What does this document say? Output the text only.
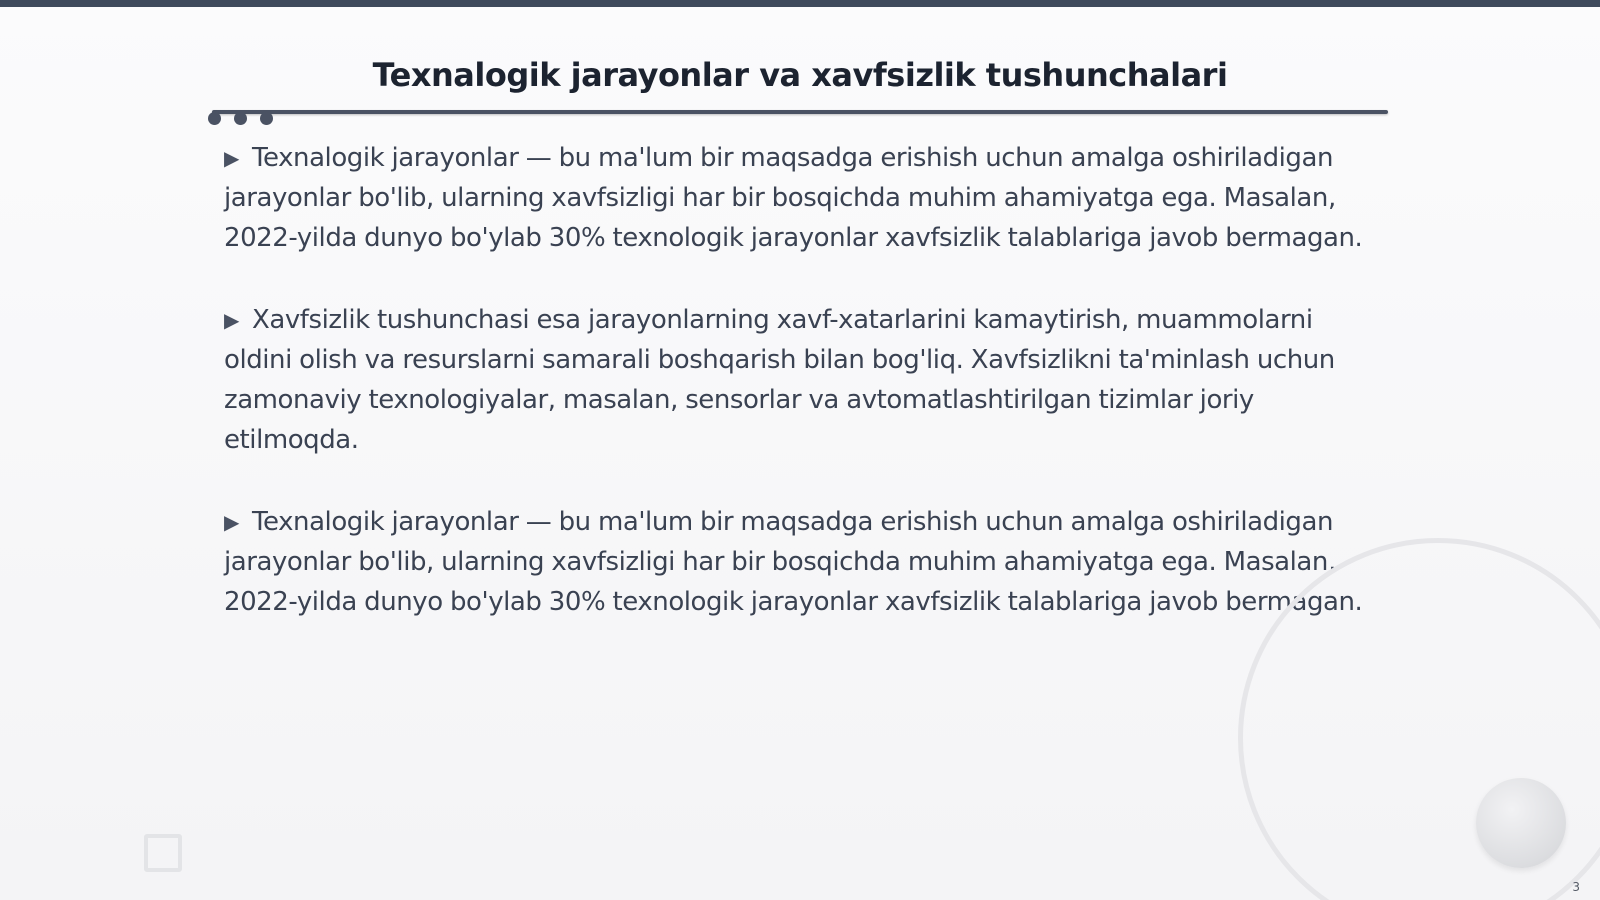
Texnalogik jarayonlar va xavfsizlik tushunchalari

▶ Texnalogik jarayonlar — bu ma'lum bir maqsadga erishish uchun amalga oshiriladigan jarayonlar bo'lib, ularning xavfsizligi har bir bosqichda muhim ahamiyatga ega. Masalan, 2022-yilda dunyo bo'ylab 30% texnologik jarayonlar xavfsizlik talablariga javob bermagan.

▶ Xavfsizlik tushunchasi esa jarayonlarning xavf-xatarlarini kamaytirish, muammolarni oldini olish va resurslarni samarali boshqarish bilan bog'liq. Xavfsizlikni ta'minlash uchun zamonaviy texnologiyalar, masalan, sensorlar va avtomatlashtirilgan tizimlar joriy etilmoqda.

▶ Texnalogik jarayonlar — bu ma'lum bir maqsadga erishish uchun amalga oshiriladigan jarayonlar bo'lib, ularning xavfsizligi har bir bosqichda muhim ahamiyatga ega. Masalan, 2022-yilda dunyo bo'ylab 30% texnologik jarayonlar xavfsizlik talablariga javob bermagan.

3
